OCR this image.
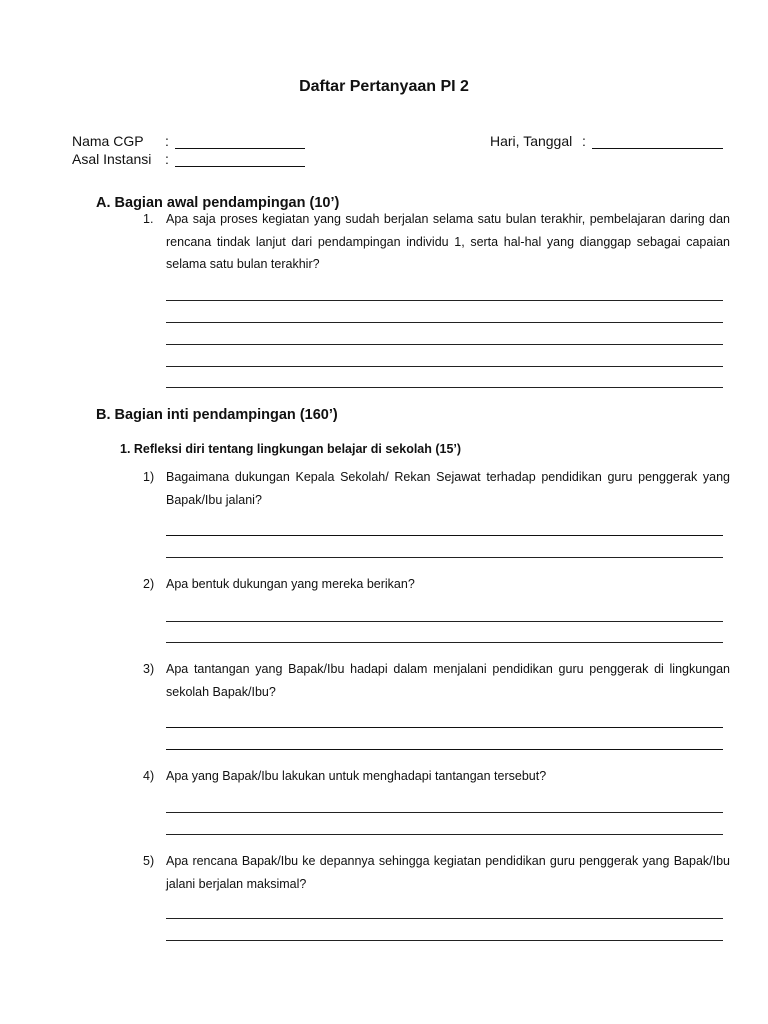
Daftar Pertanyaan PI 2
Nama CGP :
Asal Instansi :
Hari, Tanggal :
A. Bagian awal pendampingan (10’)
1. Apa saja proses kegiatan yang sudah berjalan selama satu bulan terakhir, pembelajaran daring dan rencana tindak lanjut dari pendampingan individu 1, serta hal-hal yang dianggap sebagai capaian selama satu bulan terakhir?
B. Bagian inti pendampingan (160’)
1. Refleksi diri tentang lingkungan belajar di sekolah (15’)
1) Bagaimana dukungan Kepala Sekolah/ Rekan Sejawat terhadap pendidikan guru penggerak yang Bapak/Ibu jalani?
2) Apa bentuk dukungan yang mereka berikan?
3) Apa tantangan yang Bapak/Ibu hadapi dalam menjalani pendidikan guru penggerak di lingkungan sekolah Bapak/Ibu?
4) Apa yang Bapak/Ibu lakukan untuk menghadapi tantangan tersebut?
5) Apa rencana Bapak/Ibu ke depannya sehingga kegiatan pendidikan guru penggerak yang Bapak/Ibu jalani berjalan maksimal?
